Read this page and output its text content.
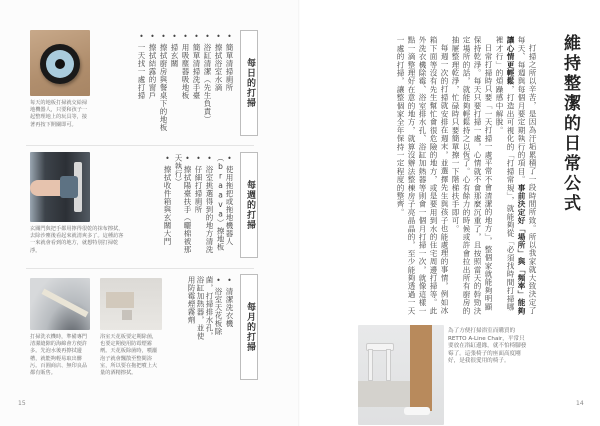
每天的地板打掃就交給掃地機器人，只要和孩子一起整理地上的玩具等，接著再按下開關即可。
每日的打掃
• 簡單清掃廁所
• 擦拭浴室水滴
• 浴缸清潔（先生負責）
• 簡單清掃洗手臺
• 用吸塵器吸地板
• 掃玄關
• 擦拭廚房與餐桌下的地板
• 擦拭結露的窗戶
• 一天找一處打掃
玄關門與把手都用擰得很乾的抹布擦拭，去除沙塵後看起來就清爽多了。這種訪客一來就會看到的地方，就想特別打掃乾淨。
每週的打掃
• 使用拖把或拖地機器人（braava）擦地板
• 浴室挑選得到的地方清洗
• 仔細打掃廁所
• 擦拭陽臺扶手（曬棉被那天執行）
• 擦拭收件箱與玄關大門
打掃洗衣機時，準備專門清潔縫隙的海綿會方便許多。先泡水後再擦拭邊槽，就能夠輕易取出髒污。百圓商店、無印良品都有販售。
浴室天花板要定期除菌，也要定期使用防霉煙霧劑。天花板除菌時，噴灑泡子就會飄散至整間浴室，所以要在拖把噴上大量的酒精擦拭。
每月的打掃
• 清潔洗衣機
• 浴室天花板除菌，打掃排水孔，浴缸加熱器，並使用防霉煙霧劑
15
維持整潔的日常公式

打掃之所以辛苦，是因為汙垢累積了一段時間所致。所以我家就大致決定了每天、每週與每個月要定期執行的項目。事前決定好「場所」與「頻率」能夠讓心情更輕鬆，打造出可視化的「打掃常規」，就能夠從「必須找時間打掃哪裡才行」的煩躁感中解脫。

日常打掃時只要「一天打掃一處平常不會清潔的地方」，整個家就能夠明顯保持乾淨。每天只要打掃一處，心情就不會那麼沉重了，且按照當天的幹勁決定場所的話，就能夠輕鬆持之以恆了。心有餘力的時候或許會拉出所有廚房的抽屜整理乾淨，忙碌時只要簡單擦一下階梯扶手即可。

每週一次的打掃就安排在週末，並選擇先生與孩子也能處理的事情，例如冰箱下面等沒有先生幫忙會很危險的地方，或是要用到水的住宅周邊打掃等。此外洗衣機除霉、浴室排水孔、浴缸加熱器等則會一個月打掃一次，就像這樣一點一滴整理好在意的地方，就算沒辦法整棟房子亮晶晶的，至少能夠透過一天一處的打掃，讓整個家全年保持一定程度的整齊。

為了方便打掃浴室而購買的RETTO A-Line Chair，平常只要放在浴缸邊緣，就不怕椅腳發霉了。這張椅子的座面高度剛好，是我很愛用的椅子。
14
